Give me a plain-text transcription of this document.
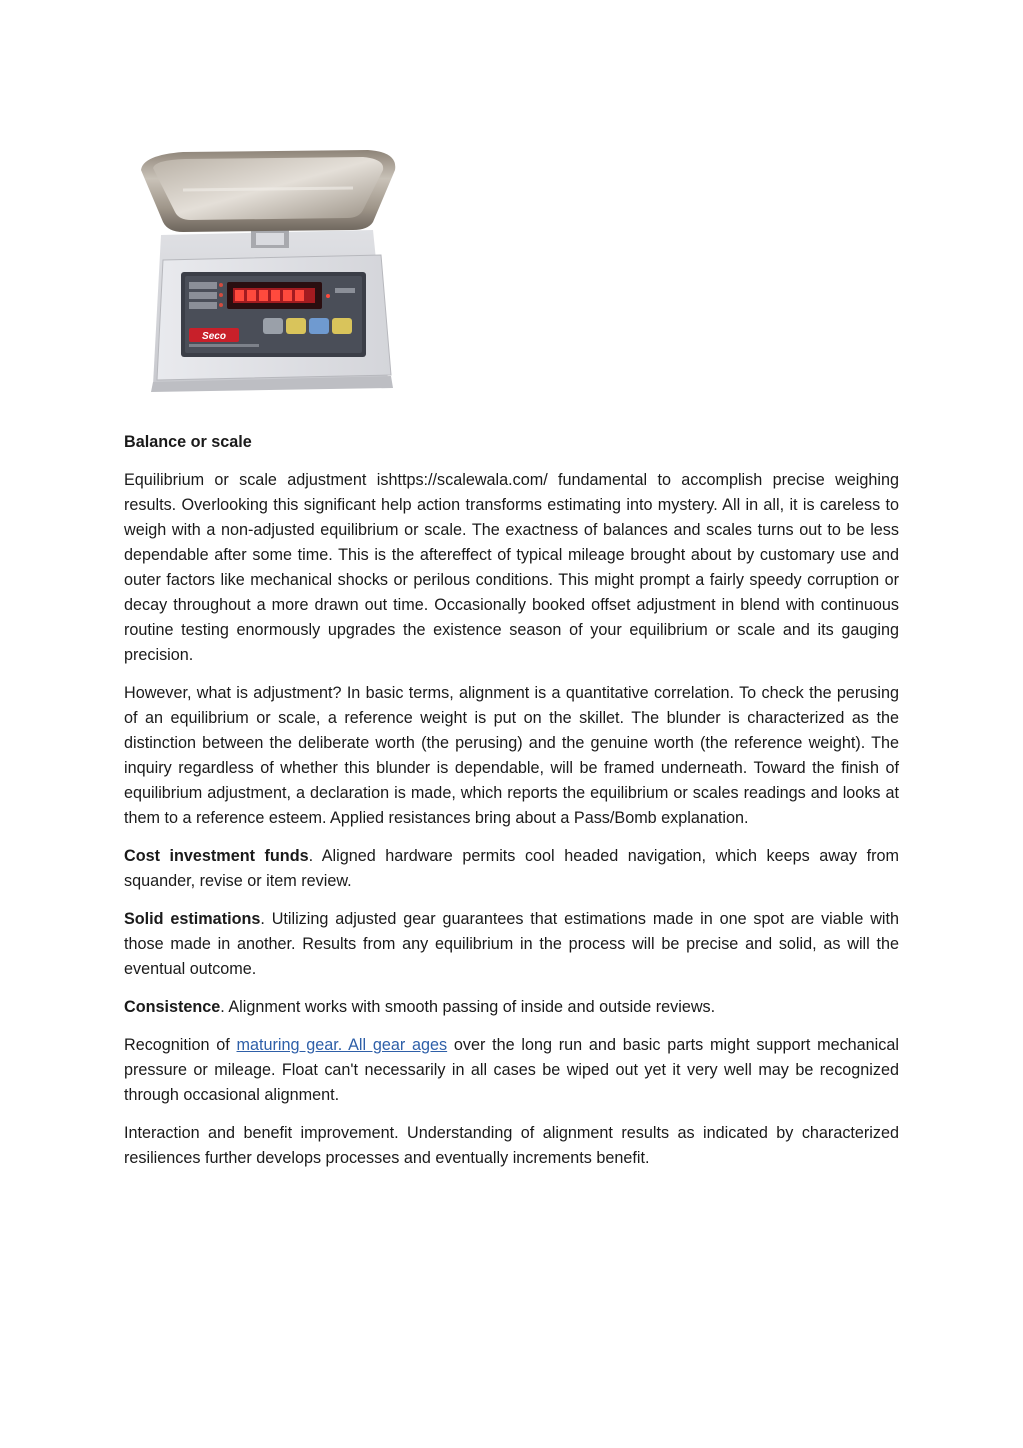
Seco

Balance or scale

Equilibrium or scale adjustment ishttps://scalewala.com/ fundamental to accomplish precise weighing results. Overlooking this significant help action transforms estimating into mystery. All in all, it is careless to weigh with a non-adjusted equilibrium or scale. The exactness of balances and scales turns out to be less dependable after some time. This is the aftereffect of typical mileage brought about by customary use and outer factors like mechanical shocks or perilous conditions. This might prompt a fairly speedy corruption or decay throughout a more drawn out time. Occasionally booked offset adjustment in blend with continuous routine testing enormously upgrades the existence season of your equilibrium or scale and its gauging precision.

However, what is adjustment? In basic terms, alignment is a quantitative correlation. To check the perusing of an equilibrium or scale, a reference weight is put on the skillet. The blunder is characterized as the distinction between the deliberate worth (the perusing) and the genuine worth (the reference weight). The inquiry regardless of whether this blunder is dependable, will be framed underneath. Toward the finish of equilibrium adjustment, a declaration is made, which reports the equilibrium or scales readings and looks at them to a reference esteem. Applied resistances bring about a Pass/Bomb explanation.

Cost investment funds. Aligned hardware permits cool headed navigation, which keeps away from squander, revise or item review.

Solid estimations. Utilizing adjusted gear guarantees that estimations made in one spot are viable with those made in another. Results from any equilibrium in the process will be precise and solid, as will the eventual outcome.

Consistence. Alignment works with smooth passing of inside and outside reviews.

Recognition of maturing gear. All gear ages over the long run and basic parts might support mechanical pressure or mileage. Float can't necessarily in all cases be wiped out yet it very well may be recognized through occasional alignment.

Interaction and benefit improvement. Understanding of alignment results as indicated by characterized resiliences further develops processes and eventually increments benefit.
